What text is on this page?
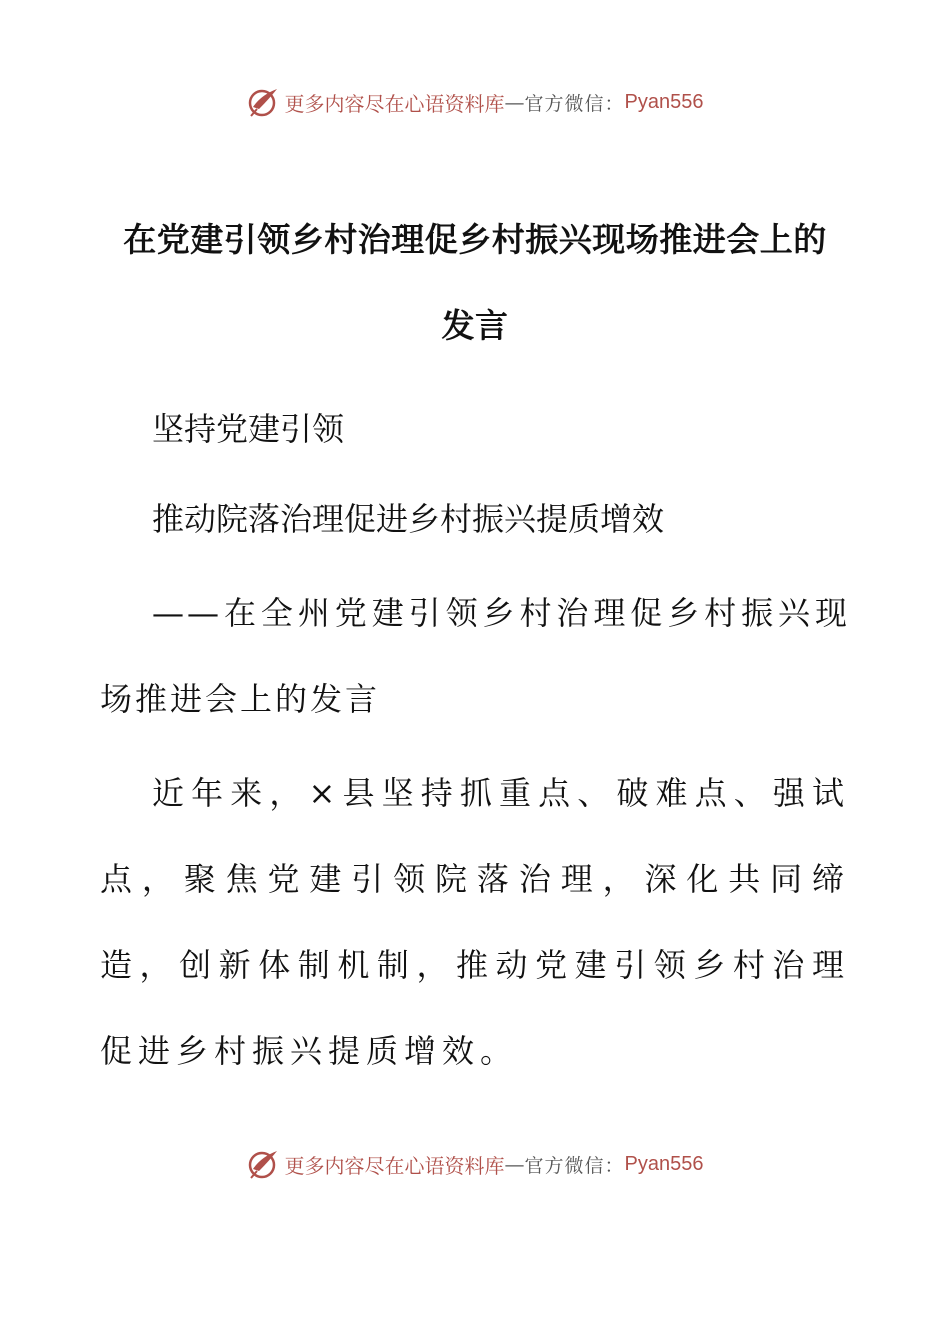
更多内容尽在心语资料库 — 官方微信： Pyan556
在党建引领乡村治理促乡村振兴现场推进会上的
发言

坚持党建引领

推动院落治理促进乡村振兴提质增效

——在全州党建引领乡村治理促乡村振兴现场推进会上的发言

近年来，×县坚持抓重点、破难点、强试点，聚焦党建引领院落治理，深化共同缔造，创新体制机制，推动党建引领乡村治理促进乡村振兴提质增效。

更多内容尽在心语资料库 — 官方微信： Pyan556
